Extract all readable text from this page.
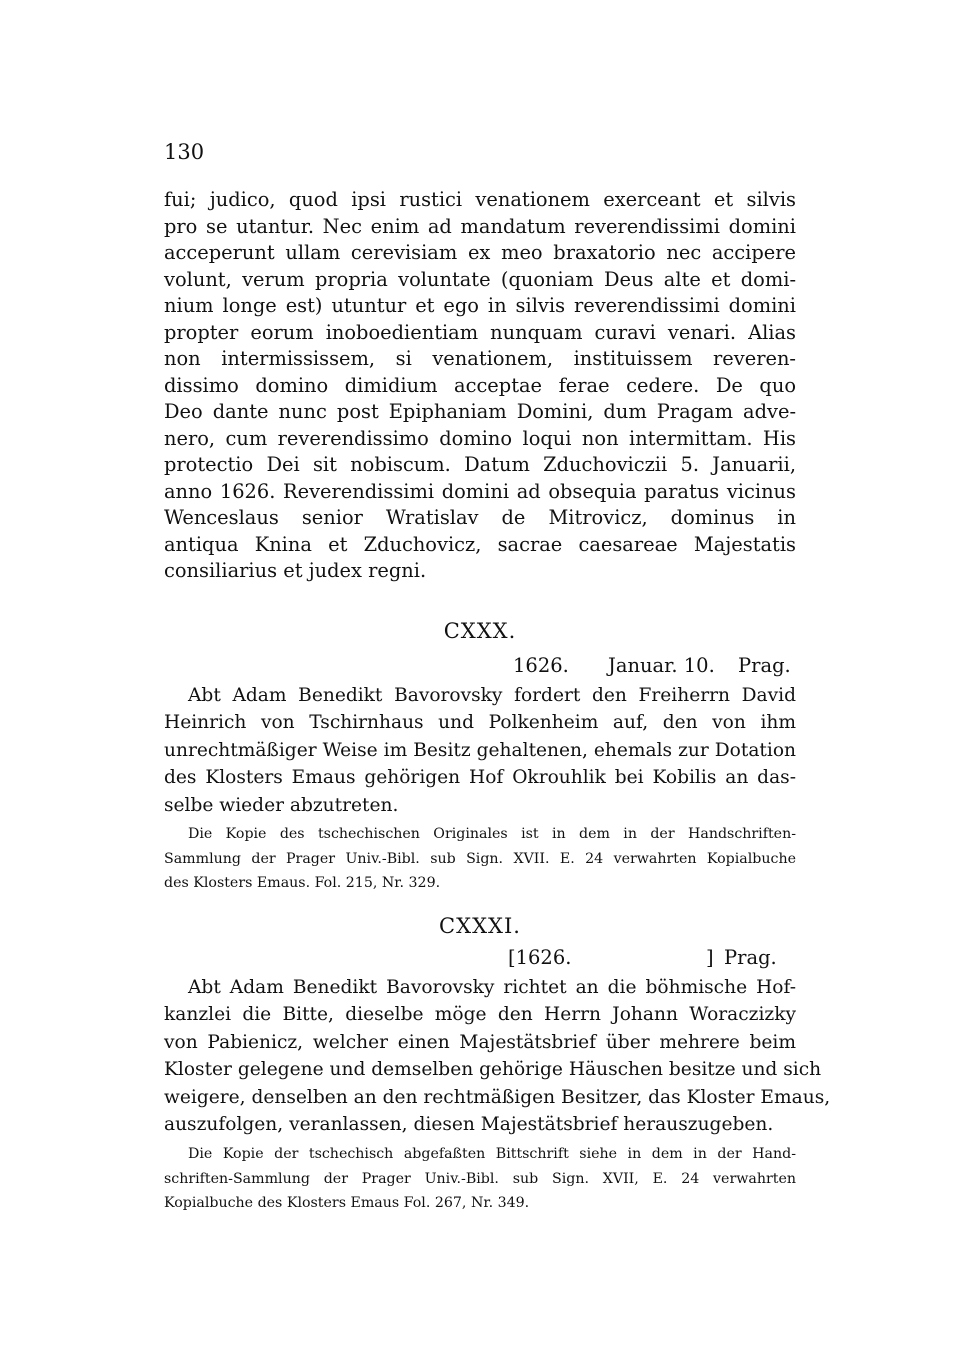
130
fui; judico, quod ipsi rustici venationem exerceant et silvis
pro se utantur. Nec enim ad mandatum reverendissimi domini
acceperunt ullam cerevisiam ex meo braxatorio nec accipere
volunt, verum propria voluntate (quoniam Deus alte et domi-
nium longe est) utuntur et ego in silvis reverendissimi domini
propter eorum inoboedientiam nunquam curavi venari. Alias
non intermississem, si venationem, instituissem reveren-
dissimo domino dimidium acceptae ferae cedere. De quo
Deo dante nunc post Epiphaniam Domini, dum Pragam adve-
nero, cum reverendissimo domino loqui non intermittam. His
protectio Dei sit nobiscum. Datum Zduchoviczii 5. Januarii,
anno 1626. Reverendissimi domini ad obsequia paratus vicinus
Wenceslaus senior Wratislav de Mitrovicz, dominus in
antiqua Knina et Zduchovicz, sacrae caesareae Majestatis
consiliarius et judex regni.
CXXX.
1626. Januar. 10. Prag.
Abt Adam Benedikt Bavorovsky fordert den Freiherrn David
Heinrich von Tschirnhaus und Polkenheim auf, den von ihm
unrechtmäßiger Weise im Besitz gehaltenen, ehemals zur Dotation
des Klosters Emaus gehörigen Hof Okrouhlik bei Kobilis an das-
selbe wieder abzutreten.
Die Kopie des tschechischen Originales ist in dem in der Handschriften-
Sammlung der Prager Univ.-Bibl. sub Sign. XVII. E. 24 verwahrten Kopialbuche
des Klosters Emaus. Fol. 215, Nr. 329.
CXXXI.
[1626.	] Prag.
Abt Adam Benedikt Bavorovsky richtet an die böhmische Hof-
kanzlei die Bitte, dieselbe möge den Herrn Johann Woraczizky
von Pabienicz, welcher einen Majestätsbrief über mehrere beim
Kloster gelegene und demselben gehörige Häuschen besitze und sich
weigere, denselben an den rechtmäßigen Besitzer, das Kloster Emaus,
auszufolgen, veranlassen, diesen Majestätsbrief herauszugeben.
Die Kopie der tschechisch abgefaßten Bittschrift siehe in dem in der Hand-
schriften-Sammlung der Prager Univ.-Bibl. sub Sign. XVII, E. 24 verwahrten
Kopialbuche des Klosters Emaus Fol. 267, Nr. 349.
